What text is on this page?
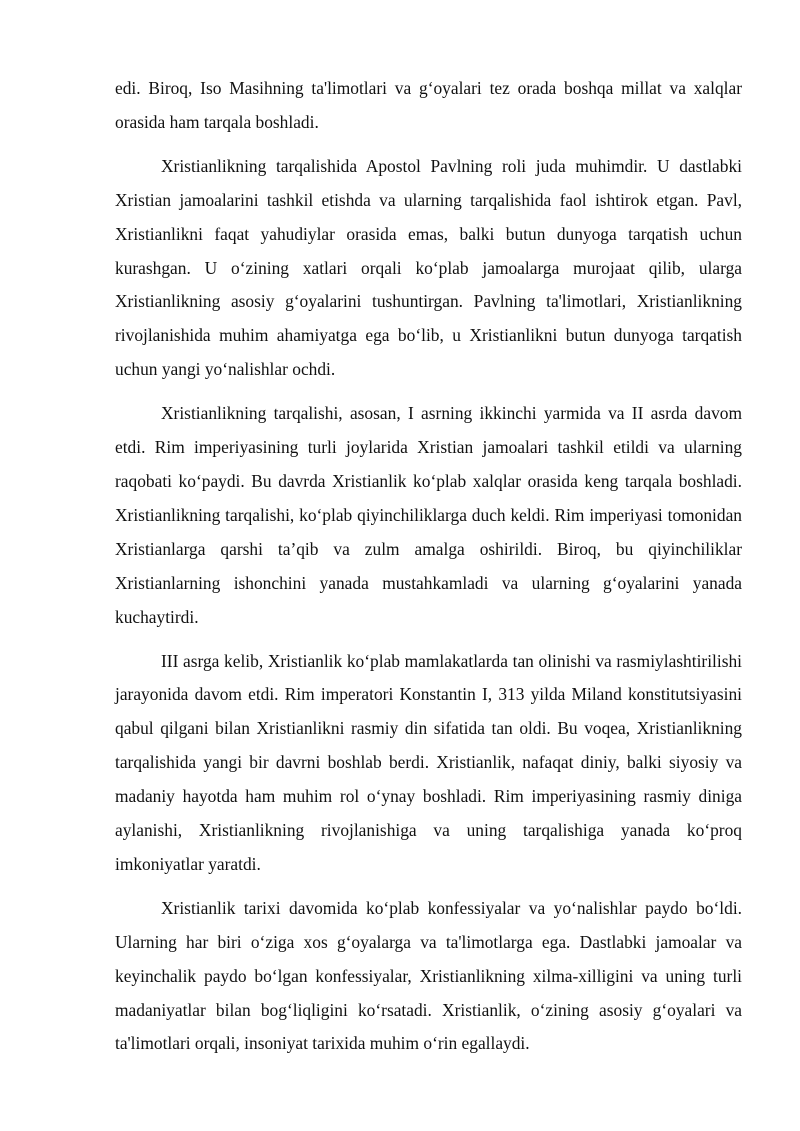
edi. Biroq, Iso Masihning ta'limotlari va g‘oyalari tez orada boshqa millat va xalqlar orasida ham tarqala boshladi.

Xristianlikning tarqalishida Apostol Pavlning roli juda muhimdir. U dastlabki Xristian jamoalarini tashkil etishda va ularning tarqalishida faol ishtirok etgan. Pavl, Xristianlikni faqat yahudiylar orasida emas, balki butun dunyoga tarqatish uchun kurashgan. U o‘zining xatlari orqali ko‘plab jamoalarga murojaat qilib, ularga Xristianlikning asosiy g‘oyalarini tushuntirgan. Pavlning ta'limotlari, Xristianlikning rivojlanishida muhim ahamiyatga ega bo‘lib, u Xristianlikni butun dunyoga tarqatish uchun yangi yo‘nalishlar ochdi.

Xristianlikning tarqalishi, asosan, I asrning ikkinchi yarmida va II asrda davom etdi. Rim imperiyasining turli joylarida Xristian jamoalari tashkil etildi va ularning raqobati ko‘paydi. Bu davrda Xristianlik ko‘plab xalqlar orasida keng tarqala boshladi. Xristianlikning tarqalishi, ko‘plab qiyinchiliklarga duch keldi. Rim imperiyasi tomonidan Xristianlarga qarshi ta’qib va zulm amalga oshirildi. Biroq, bu qiyinchiliklar Xristianlarning ishonchini yanada mustahkamladi va ularning g‘oyalarini yanada kuchaytirdi.

III asrga kelib, Xristianlik ko‘plab mamlakatlarda tan olinishi va rasmiylashtirilishi jarayonida davom etdi. Rim imperatori Konstantin I, 313 yilda Miland konstitutsiyasini qabul qilgani bilan Xristianlikni rasmiy din sifatida tan oldi. Bu voqea, Xristianlikning tarqalishida yangi bir davrni boshlab berdi. Xristianlik, nafaqat diniy, balki siyosiy va madaniy hayotda ham muhim rol o‘ynay boshladi. Rim imperiyasining rasmiy diniga aylanishi, Xristianlikning rivojlanishiga va uning tarqalishiga yanada ko‘proq imkoniyatlar yaratdi.

Xristianlik tarixi davomida ko‘plab konfessiyalar va yo‘nalishlar paydo bo‘ldi. Ularning har biri o‘ziga xos g‘oyalarga va ta'limotlarga ega. Dastlabki jamoalar va keyinchalik paydo bo‘lgan konfessiyalar, Xristianlikning xilma-xilligini va uning turli madaniyatlar bilan bog‘liqligini ko‘rsatadi. Xristianlik, o‘zining asosiy g‘oyalari va ta'limotlari orqali, insoniyat tarixida muhim o‘rin egallaydi.
